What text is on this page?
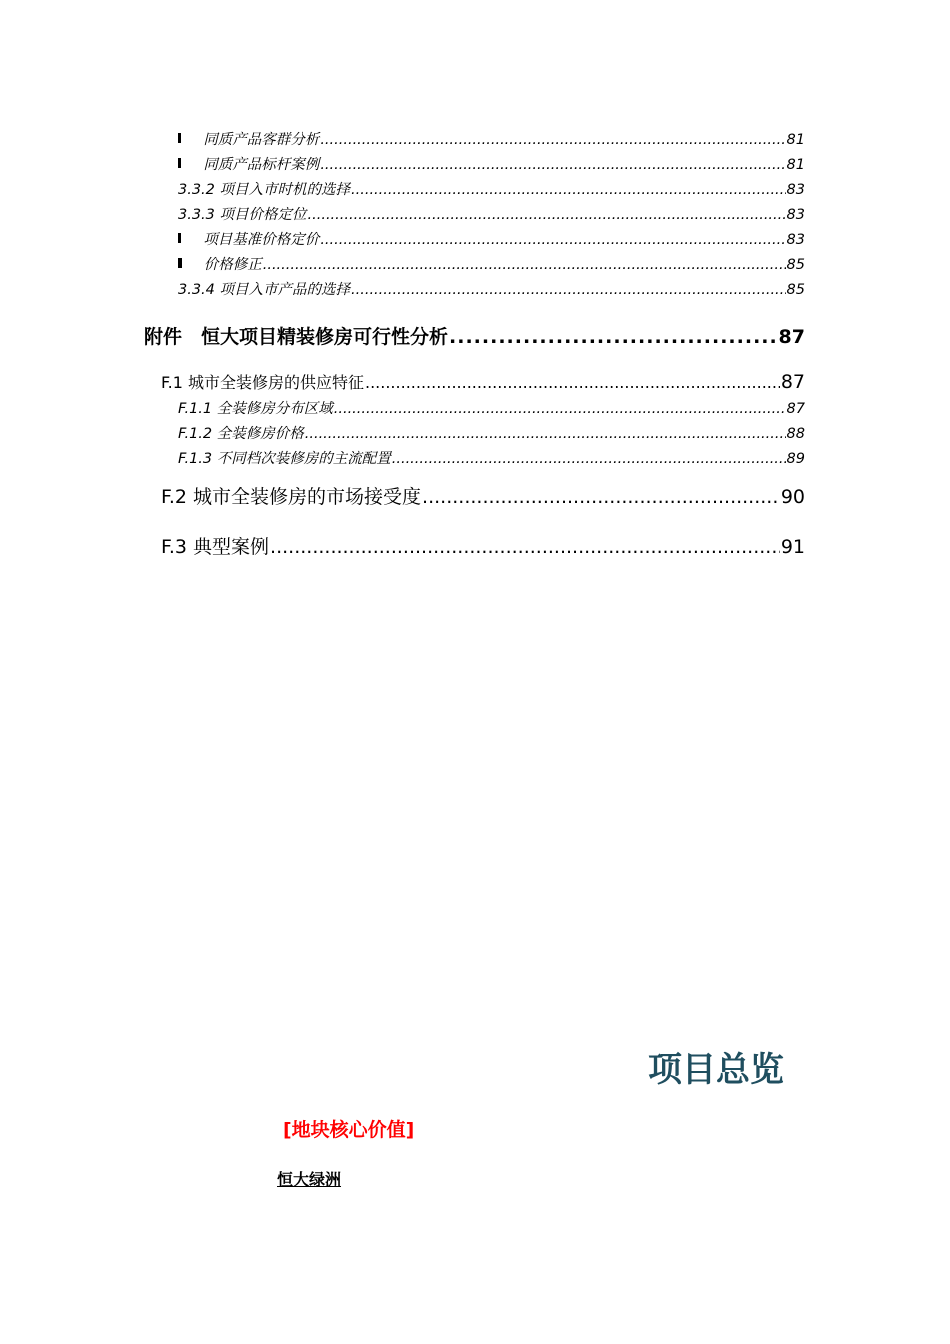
同质产品客群分析 .....	81
同质产品标杆案例 .....	81
3.3.2 项目入市时机的选择 .....	83
3.3.3 项目价格定位 .....	83
项目基准价格定价 .....	83
价格修正 .....	85
3.3.4 项目入市产品的选择 .....	85
附件　恒大项目精装修房可行性分析 .....	87
F.1 城市全装修房的供应特征 .....	87
F.1.1 全装修房分布区域 .....	87
F.1.2 全装修房价格 .....	88
F.1.3 不同档次装修房的主流配置 .....	89
F.2 城市全装修房的市场接受度 .....	90
F.3 典型案例 .....	91
项目总览
[地块核心价值]
恒大绿洲
